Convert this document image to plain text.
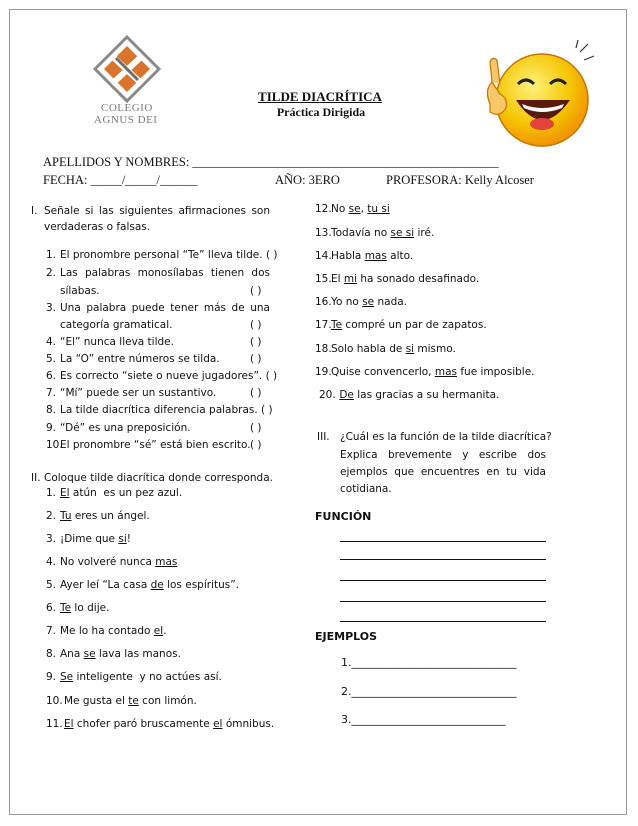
COLEGIO
AGNUS DEI
TILDE DIACRÍTICA
Práctica Dirigida
APELLIDOS Y NOMBRES: _________________________________________________
FECHA: _____/_____/______	AÑO: 3ERO	PROFESORA: Kelly Alcoser
I. Señale si las siguientes afirmaciones son
verdaderas o falsas.
1. El pronombre personal “Te” lleva tilde. ( )
2. Las palabras monosílabas tienen dos
sílabas.	( )
3. Una palabra puede tener más de una
categoría gramatical.	( )
4. “El” nunca lleva tilde.	( )
5. La “O” entre números se tilda.	( )
6. Es correcto “siete o nueve jugadores”. ( )
7. “Mí” puede ser un sustantivo.	( )
8. La tilde diacrítica diferencia palabras. ( )
9. “Dé” es una preposición.	( )
10.
El pronombre “sé” está bien escrito. ( )
II. Coloque tilde diacrítica donde corresponda.
1. El atún  es un pez azul.
2. Tu eres un ángel.
3. ¡Dime que si!
4. No volveré nunca mas
5. Ayer leí “La casa de los espíritus”.
6. Te lo dije.
7. Me lo ha contado el.
8. Ana se lava las manos.
9. Se inteligente  y no actúes así.
10. Me gusta el te con limón.
11. El chofer paró bruscamente el ómnibus.
12. No se, tu si
13. Todavía no se si iré.
14. Habla mas alto.
15. El mi ha sonado desafinado.
16. Yo no se nada.
17. Te compré un par de zapatos.
18. Solo habla de si mismo.
19. Quise convencerlo, mas fue imposible.
20. De las gracias a su hermanita.
III. ¿Cuál es la función de la tilde diacrítica?
Explica brevemente y escribe dos
ejemplos que encuentres en tu vida
cotidiana.
FUNCIÓN
EJEMPLOS
1.______________________________
2.______________________________
3.____________________________
